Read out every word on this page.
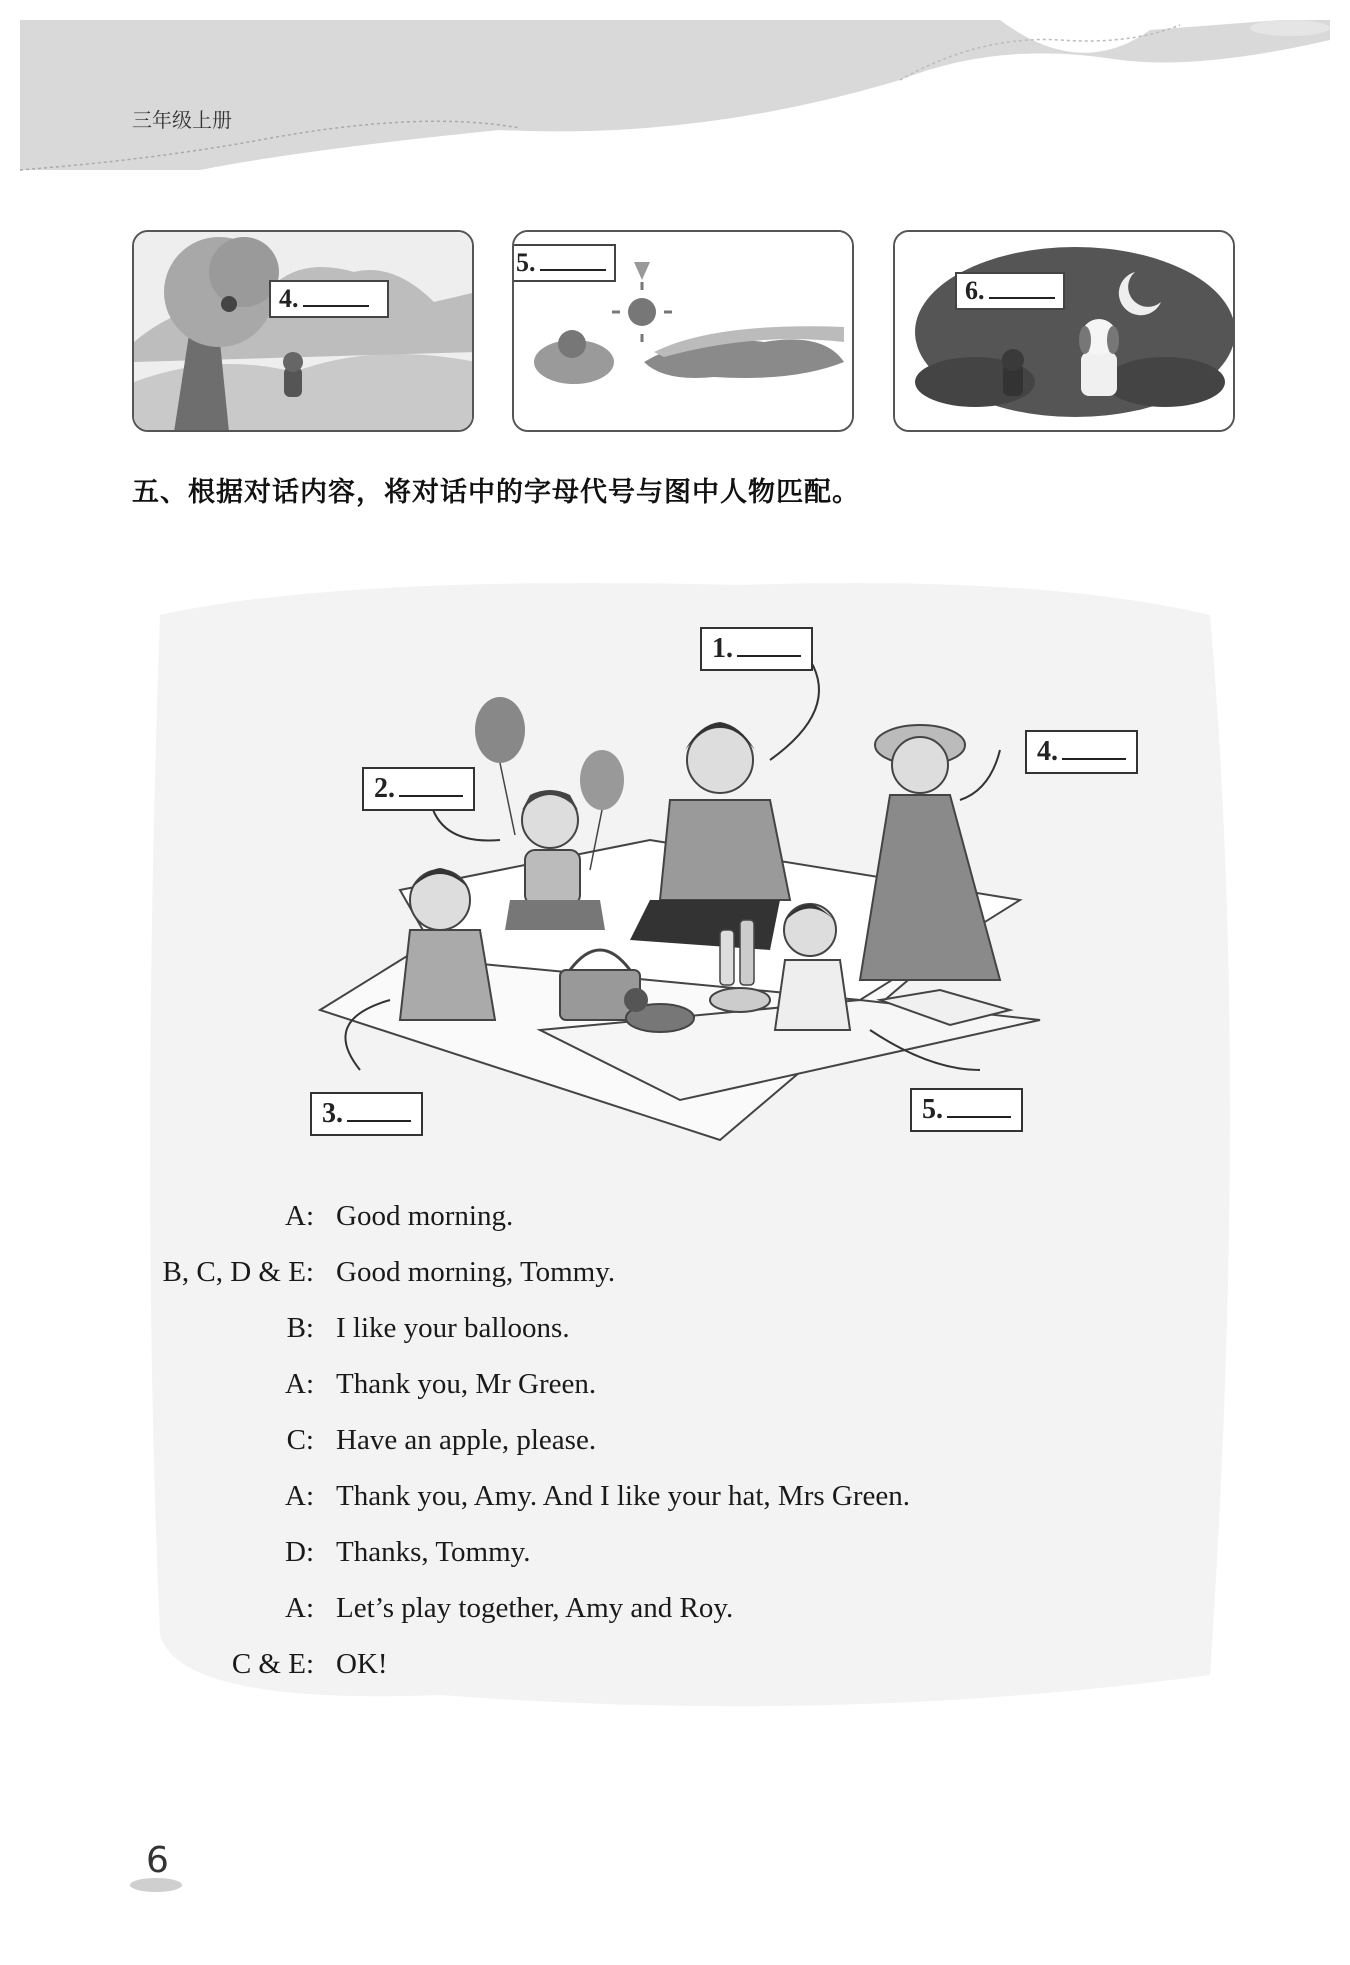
三年级上册
4.
5.
6.
五、根据对话内容，将对话中的字母代号与图中人物匹配。
1.
2.
3.
4.
5.
A: Good morning.
B, C, D & E: Good morning, Tommy.
B: I like your balloons.
A: Thank you, Mr Green.
C: Have an apple, please.
A: Thank you, Amy. And I like your hat, Mrs Green.
D: Thanks, Tommy.
A: Let’s play together, Amy and Roy.
C & E: OK!
6
